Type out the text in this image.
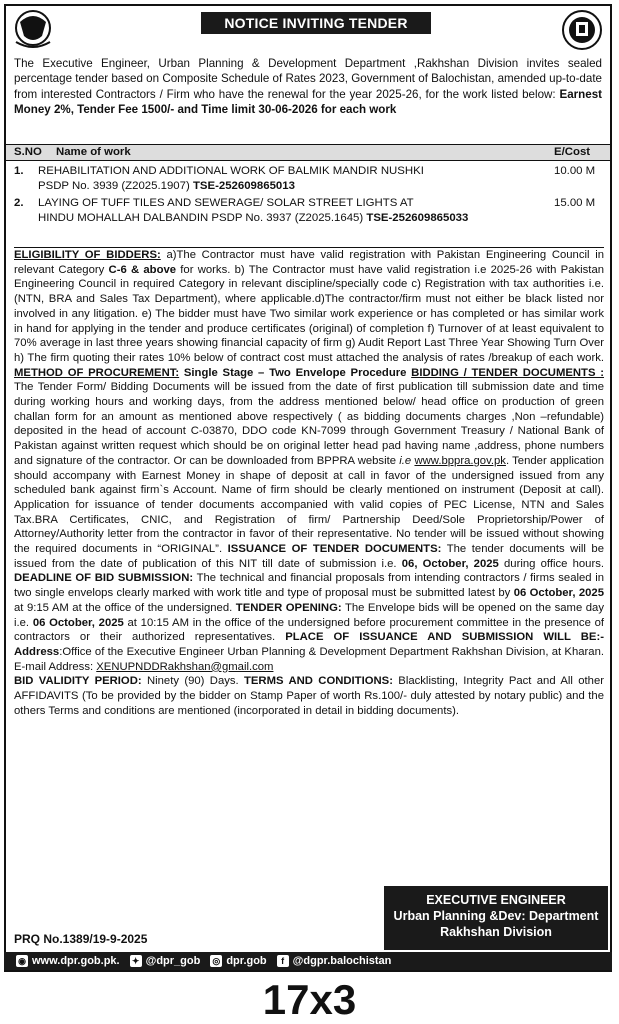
NOTICE INVITING TENDER
The Executive Engineer, Urban Planning & Development Department ,Rakhshan Division invites sealed percentage tender based on Composite Schedule of Rates 2023, Government of Balochistan, amended up-to-date from interested Contractors / Firm who have the renewal for the year 2025-26, for the work listed below: Earnest Money 2%, Tender Fee 1500/- and Time limit 30-06-2026 for each work
S.NO Name of work	E/Cost
1. REHABILITATION AND ADDITIONAL WORK OF BALMIK MANDIR NUSHKI
PSDP No. 3939 (Z2025.1907) TSE-252609865013
10.00 M
2. LAYING OF TUFF TILES AND SEWERAGE/ SOLAR STREET LIGHTS AT
HINDU MOHALLAH DALBANDIN PSDP No. 3937 (Z2025.1645) TSE-252609865033
15.00 M
ELIGIBILITY OF BIDDERS: a)The Contractor must have valid registration with Pakistan Engineering Council in relevant Category C-6 & above for works. b) The Contractor must have valid registration i.e 2025-26 with Pakistan Engineering Council in required Category in relevant discipline/specially code c) Registration with tax authorities i.e. (NTN, BRA and Sales Tax Department), where applicable.d)The contractor/firm must not either be black listed nor involved in any litigation. e) The bidder must have Two similar work experience or has completed or has similar work in hand for applying in the tender and produce certificates (original) of completion f) Turnover of at least equivalent to 70% average in last three years showing financial capacity of firm g) Audit Report Last Three Year Showing Turn Over h) The firm quoting their rates 10% below of contract cost must attached the analysis of rates /breakup of each work. METHOD OF PROCUREMENT: Single Stage – Two Envelope Procedure BIDDING / TENDER DOCUMENTS : The Tender Form/ Bidding Documents will be issued from the date of first publication till submission date and time during working hours and working days, from the address mentioned below/ head office on production of green challan form for an amount as mentioned above respectively ( as bidding documents charges ,Non –refundable) deposited in the head of account C-03870, DDO code KN-7099 through Government Treasury / National Bank of Pakistan against written request which should be on original letter head pad having name ,address, phone numbers and signature of the contractor. Or can be downloaded from BPPRA website i.e www.bppra.gov.pk. Tender application should accompany with Earnest Money in shape of deposit at call in favor of the undersigned issued from any scheduled bank against firm`s Account. Name of firm should be clearly mentioned on instrument (Deposit at call). Application for issuance of tender documents accompanied with valid copies of PEC License, NTN and Sales Tax.BRA Certificates, CNIC, and Registration of firm/ Partnership Deed/Sole Proprietorship/Power of Attorney/Authority letter from the contractor in favor of their representative. No tender will be issued without showing the required documents in “ORIGINAL”. ISSUANCE OF TENDER DOCUMENTS: The tender documents will be issued from the date of publication of this NIT till date of submission i.e. 06, October, 2025 during office hours. DEADLINE OF BID SUBMISSION: The technical and financial proposals from intending contractors / firms sealed in two single envelops clearly marked with work title and type of proposal must be submitted latest by 06 October, 2025 at 9:15 AM at the office of the undersigned. TENDER OPENING: The Envelope bids will be opened on the same day i.e. 06 October, 2025 at 10:15 AM in the office of the undersigned before procurement committee in the presence of contractors or their authorized representatives. PLACE OF ISSUANCE AND SUBMISSION WILL BE:- Address:Office of the Executive Engineer Urban Planning & Development Department Rakhshan Division, at Kharan. E-mail Address: XENUPNDDRakhshan@gmail.com
BID VALIDITY PERIOD: Ninety (90) Days. TERMS AND CONDITIONS: Blacklisting, Integrity Pact and All other AFFIDAVITS (To be provided by the bidder on Stamp Paper of worth Rs.100/- duly attested by notary public) and the others Terms and conditions are mentioned (incorporated in detail in bidding documents).
PRQ No.1389/19-9-2025
EXECUTIVE ENGINEER
Urban Planning &Dev: Department
Rakhshan Division
◉ www.dpr.gob.pk. ✦ @dpr_gob ◎ dpr.gob	f @dgpr.balochistan
17x3
